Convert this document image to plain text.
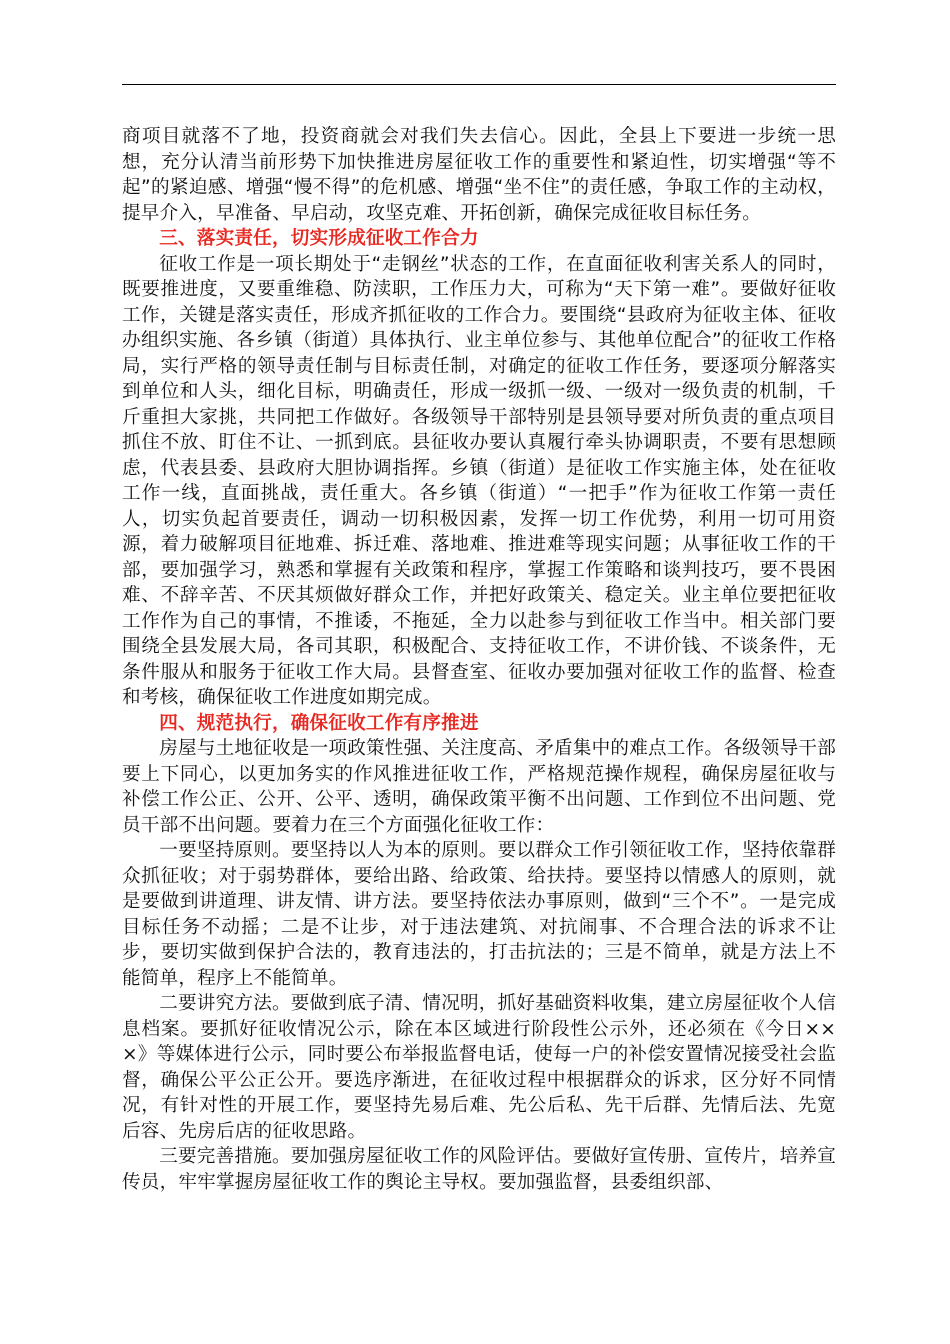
商项目就落不了地，投资商就会对我们失去信心。因此，全县上下要进一步统一思想，充分认清当前形势下加快推进房屋征收工作的重要性和紧迫性，切实增强“等不起”的紧迫感、增强“慢不得”的危机感、增强“坐不住”的责任感，争取工作的主动权，提早介入，早准备、早启动，攻坚克难、开拓创新，确保完成征收目标任务。

三、落实责任，切实形成征收工作合力

征收工作是一项长期处于“走钢丝”状态的工作，在直面征收利害关系人的同时，既要推进度，又要重维稳、防渎职，工作压力大，可称为“天下第一难”。要做好征收工作，关键是落实责任，形成齐抓征收的工作合力。要围绕“县政府为征收主体、征收办组织实施、各乡镇（街道）具体执行、业主单位参与、其他单位配合”的征收工作格局，实行严格的领导责任制与目标责任制，对确定的征收工作任务，要逐项分解落实到单位和人头，细化目标，明确责任，形成一级抓一级、一级对一级负责的机制，千斤重担大家挑，共同把工作做好。各级领导干部特别是县领导要对所负责的重点项目抓住不放、盯住不让、一抓到底。县征收办要认真履行牵头协调职责，不要有思想顾虑，代表县委、县政府大胆协调指挥。乡镇（街道）是征收工作实施主体，处在征收工作一线，直面挑战，责任重大。各乡镇（街道）“一把手”作为征收工作第一责任人，切实负起首要责任，调动一切积极因素，发挥一切工作优势，利用一切可用资源，着力破解项目征地难、拆迁难、落地难、推进难等现实问题；从事征收工作的干部，要加强学习，熟悉和掌握有关政策和程序，掌握工作策略和谈判技巧，要不畏困难、不辞辛苦、不厌其烦做好群众工作，并把好政策关、稳定关。业主单位要把征收工作作为自己的事情，不推诿，不拖延，全力以赴参与到征收工作当中。相关部门要围绕全县发展大局，各司其职，积极配合、支持征收工作，不讲价钱、不谈条件，无条件服从和服务于征收工作大局。县督查室、征收办要加强对征收工作的监督、检查和考核，确保征收工作进度如期完成。

四、规范执行，确保征收工作有序推进

房屋与土地征收是一项政策性强、关注度高、矛盾集中的难点工作。各级领导干部要上下同心，以更加务实的作风推进征收工作，严格规范操作规程，确保房屋征收与补偿工作公正、公开、公平、透明，确保政策平衡不出问题、工作到位不出问题、党员干部不出问题。要着力在三个方面强化征收工作：

一要坚持原则。要坚持以人为本的原则。要以群众工作引领征收工作，坚持依靠群众抓征收；对于弱势群体，要给出路、给政策、给扶持。要坚持以情感人的原则，就是要做到讲道理、讲友情、讲方法。要坚持依法办事原则，做到“三个不”。一是完成目标任务不动摇；二是不让步，对于违法建筑、对抗闹事、不合理合法的诉求不让步，要切实做到保护合法的，教育违法的，打击抗法的；三是不简单，就是方法上不能简单，程序上不能简单。

二要讲究方法。要做到底子清、情况明，抓好基础资料收集，建立房屋征收个人信息档案。要抓好征收情况公示，除在本区域进行阶段性公示外，还必须在《今日×××》等媒体进行公示，同时要公布举报监督电话，使每一户的补偿安置情况接受社会监督，确保公平公正公开。要选序渐进，在征收过程中根据群众的诉求，区分好不同情况，有针对性的开展工作，要坚持先易后难、先公后私、先干后群、先情后法、先宽后容、先房后店的征收思路。

三要完善措施。要加强房屋征收工作的风险评估。要做好宣传册、宣传片，培养宣传员，牢牢掌握房屋征收工作的舆论主导权。要加强监督，县委组织部、
